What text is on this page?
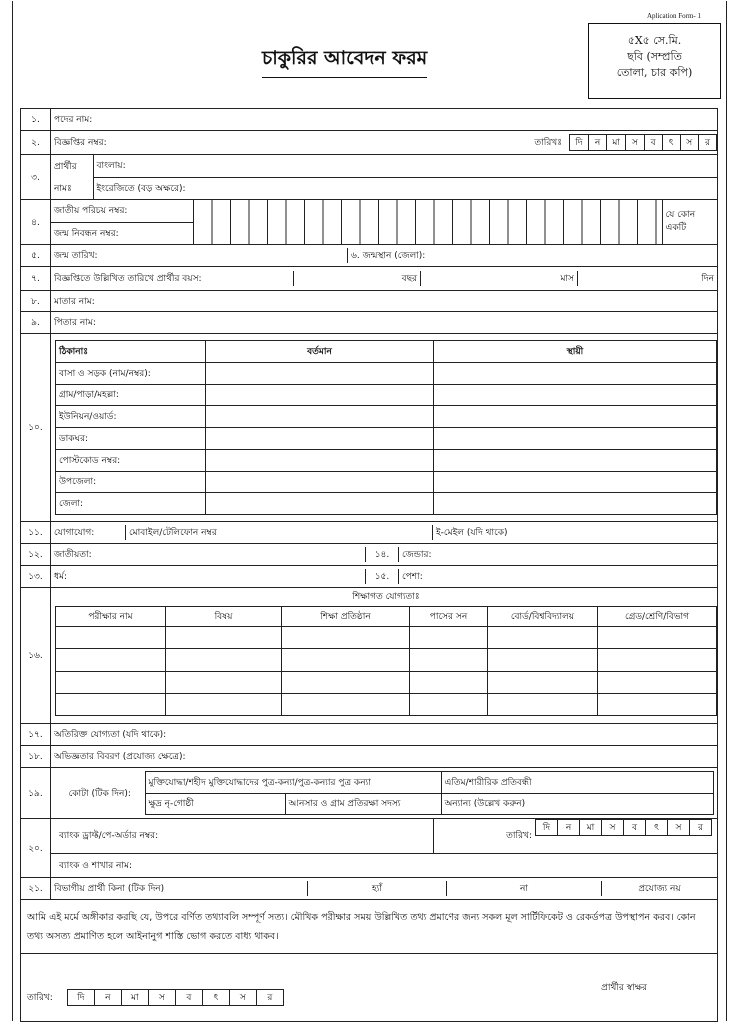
Aplication Form- 1
চাকুরির আবেদন ফরম
৫X৫ সে.মি.
ছবি (সম্প্রতি
তোলা, চার কপি)
১.	পদের নাম:
২.	বিজ্ঞপ্তির নম্বর:	তারিখঃ	দি	ন	মা	স	ব	ৎ	স	র

৩.	
প্রার্থীর	বাংলায়:
নামঃ	ইংরেজিতে (বড় অক্ষরে):

৪.	
জাতীয় পরিচয় নম্বর:		যে কোন
একটি
জন্ম নিবন্ধন নম্বর:

৫.	জন্ম তারিখ:	৬. জন্মস্থান (জেলা):

৭.	বিজ্ঞপ্তিতে উল্লিখিত তারিখে প্রার্থীর বয়স:	বছর	মাস	দিন

৮.	মাতার নাম:
৯.	পিতার নাম:
১০.	
ঠিকানাঃ	বর্তমান	স্থায়ী
বাসা ও সড়ক (নাম/নম্বর):		
গ্রাম/পাড়া/মহল্লা:		
ইউনিয়ন/ওয়ার্ড:		
ডাকঘর:		
পোস্টকোড নম্বর:		
উপজেলা:		
জেলা:		

১১.	যোগাযোগ:	মোবাইল/টেলিফোন নম্বর	ই-মেইল (যদি থাকে)

১২.	জাতীয়তা:	১৪.	জেন্ডার:

১৩.	ধর্ম:	১৫.	পেশা:

১৬.	
শিক্ষাগত যোগ্যতাঃ
পরীক্ষার নাম	বিষয়	শিক্ষা প্রতিষ্ঠান	পাসের সন	বোর্ড/বিশ্ববিদ্যালয়	গ্রেড/শ্রেণি/বিভাগ

১৭.	অতিরিক্ত যোগ্যতা (যদি থাকে):
১৮.	অভিজ্ঞতার বিবরণ (প্রযোজ্য ক্ষেত্রে):
১৯.		কোটা (টিক দিন):	মুক্তিযোদ্ধা/শহীদ মুক্তিযোদ্ধাদের পুত্র-কন্যা/পুত্র-কন্যার পুত্র কন্যা	এতিম/শারীরিক প্রতিবন্ধী
ক্ষুদ্র নৃ-গোষ্ঠী	আনসার ও গ্রাম প্রতিরক্ষা সদস্য	অন্যান্য (উল্লেখ করুন)

২০.	
ব্যাংক ড্রাফ্ট/পে-অর্ডার নম্বর:	তারিখ:	
দি	ন	মা	স	ব	ৎ	স	র

ব্যাংক ও শাখার নাম:

২১.	বিভাগীয় প্রার্থী কিনা (টিক দিন)	হ্যাঁ	না	প্রযোজ্য নয়

আমি এই মর্মে অঙ্গীকার করছি যে, উপরে বর্ণিত তথ্যাবলি সম্পূর্ণ সত্য। মৌখিক পরীক্ষার সময় উল্লিখিত তথ্য প্রমাণের জন্য সকল মূল সার্টিফিকেট ও রেকর্ডপত্র উপস্থাপন করব। কোন তথ্য অসত্য প্রমাণিত হলে আইনানুগ শাস্তি ভোগ করতে বাধ্য থাকব।

তারিখ:	দি	ন	মা	স	ব	ৎ	স	র
প্রার্থীর স্বাক্ষর
